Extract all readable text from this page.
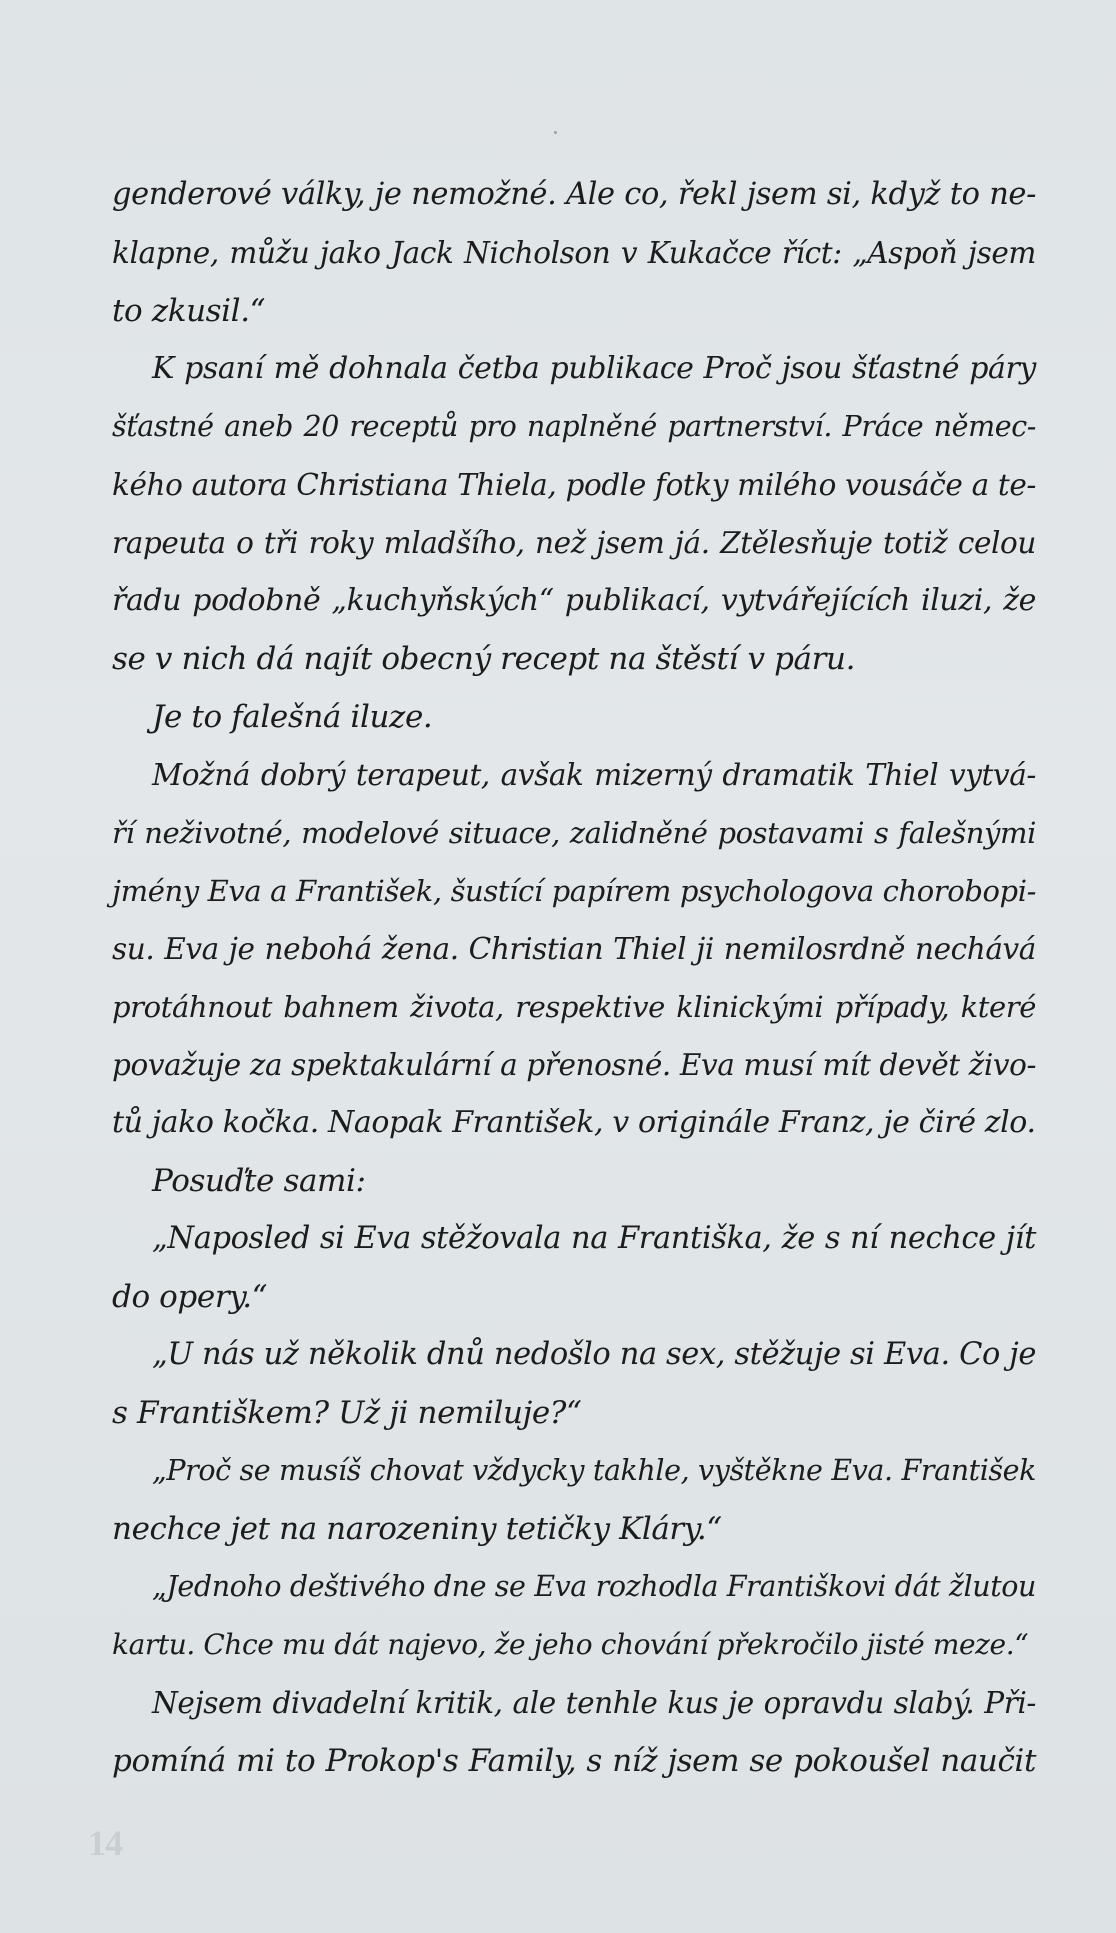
genderové války, je nemožné. Ale co, řekl jsem si, když to ne-
klapne, můžu jako Jack Nicholson v Kukačce říct: „Aspoň jsem
to zkusil.“
K psaní mě dohnala četba publikace Proč jsou šťastné páry
šťastné aneb 20 receptů pro naplněné partnerství. Práce němec-
kého autora Christiana Thiela, podle fotky milého vousáče a te-
rapeuta o tři roky mladšího, než jsem já. Ztělesňuje totiž celou
řadu podobně „kuchyňských“ publikací, vytvářejících iluzi, že
se v nich dá najít obecný recept na štěstí v páru.
Je to falešná iluze.
Možná dobrý terapeut, avšak mizerný dramatik Thiel vytvá-
ří neživotné, modelové situace, zalidněné postavami s falešnými
jmény Eva a František, šustící papírem psychologova chorobopi-
su. Eva je nebohá žena. Christian Thiel ji nemilosrdně nechává
protáhnout bahnem života, respektive klinickými případy, které
považuje za spektakulární a přenosné. Eva musí mít devět živo-
tů jako kočka. Naopak František, v originále Franz, je čiré zlo.
Posuďte sami:
„Naposled si Eva stěžovala na Františka, že s ní nechce jít
do opery.“
„U nás už několik dnů nedošlo na sex, stěžuje si Eva. Co je
s Františkem? Už ji nemiluje?“
„Proč se musíš chovat vždycky takhle, vyštěkne Eva. František
nechce jet na narozeniny tetičky Kláry.“
„Jednoho deštivého dne se Eva rozhodla Františkovi dát žlutou
kartu. Chce mu dát najevo, že jeho chování překročilo jisté meze.“
Nejsem divadelní kritik, ale tenhle kus je opravdu slabý. Při-
pomíná mi to Prokop's Family, s níž jsem se pokoušel naučit
14
